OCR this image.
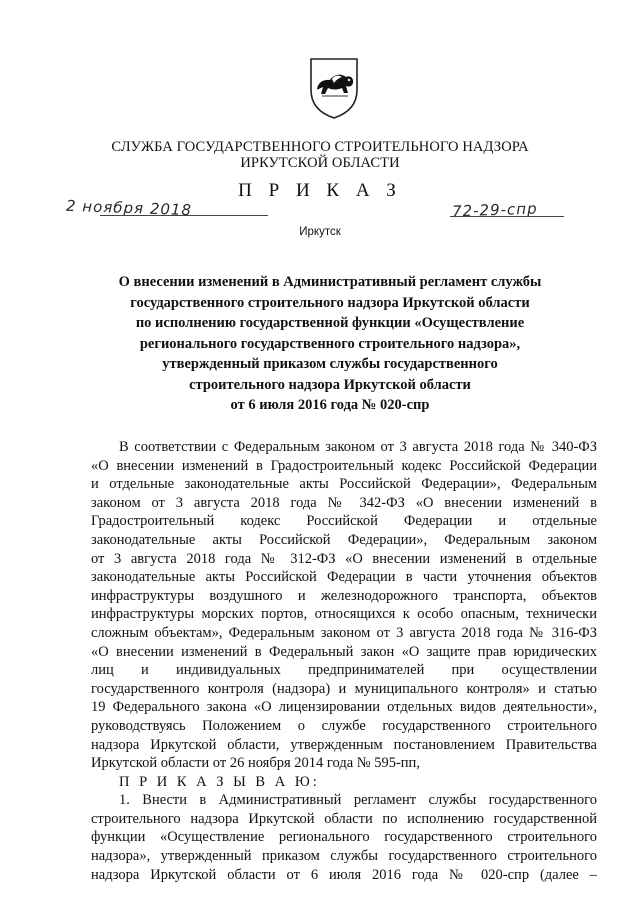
СЛУЖБА ГОСУДАРСТВЕННОГО СТРОИТЕЛЬНОГО НАДЗОРА
ИРКУТСКОЙ ОБЛАСТИ
П Р И К А З
2 ноября 2018	72-29-спр
Иркутск
О внесении изменений в Административный регламент службы
государственного строительного надзора Иркутской области
по исполнению государственной функции «Осуществление
регионального государственного строительного надзора»,
утвержденный приказом службы государственного
строительного надзора Иркутской области
от 6 июля 2016 года № 020-спр
В соответствии с Федеральным законом от 3 августа 2018 года № 340-ФЗ
«О внесении изменений в Градостроительный кодекс Российской Федерации
и отдельные законодательные акты Российской Федерации», Федеральным
законом от 3 августа 2018 года № 342-ФЗ «О внесении изменений в
Градостроительный кодекс Российской Федерации и отдельные
законодательные акты Российской Федерации», Федеральным законом
от 3 августа 2018 года № 312-ФЗ «О внесении изменений в отдельные
законодательные акты Российской Федерации в части уточнения объектов
инфраструктуры воздушного и железнодорожного транспорта, объектов
инфраструктуры морских портов, относящихся к особо опасным, технически
сложным объектам», Федеральным законом от 3 августа 2018 года № 316-ФЗ
«О внесении изменений в Федеральный закон «О защите прав юридических
лиц и индивидуальных предпринимателей при осуществлении
государственного контроля (надзора) и муниципального контроля» и статью
19 Федерального закона «О лицензировании отдельных видов деятельности»,
руководствуясь Положением о службе государственного строительного
надзора Иркутской области, утвержденным постановлением Правительства
Иркутской области от 26 ноября 2014 года № 595-пп,
П Р И К А З Ы В А Ю:
1. Внести в Административный регламент службы государственного
строительного надзора Иркутской области по исполнению государственной
функции «Осуществление регионального государственного строительного
надзора», утвержденный приказом службы государственного строительного
надзора Иркутской области от 6 июля 2016 года № 020-спр (далее –
